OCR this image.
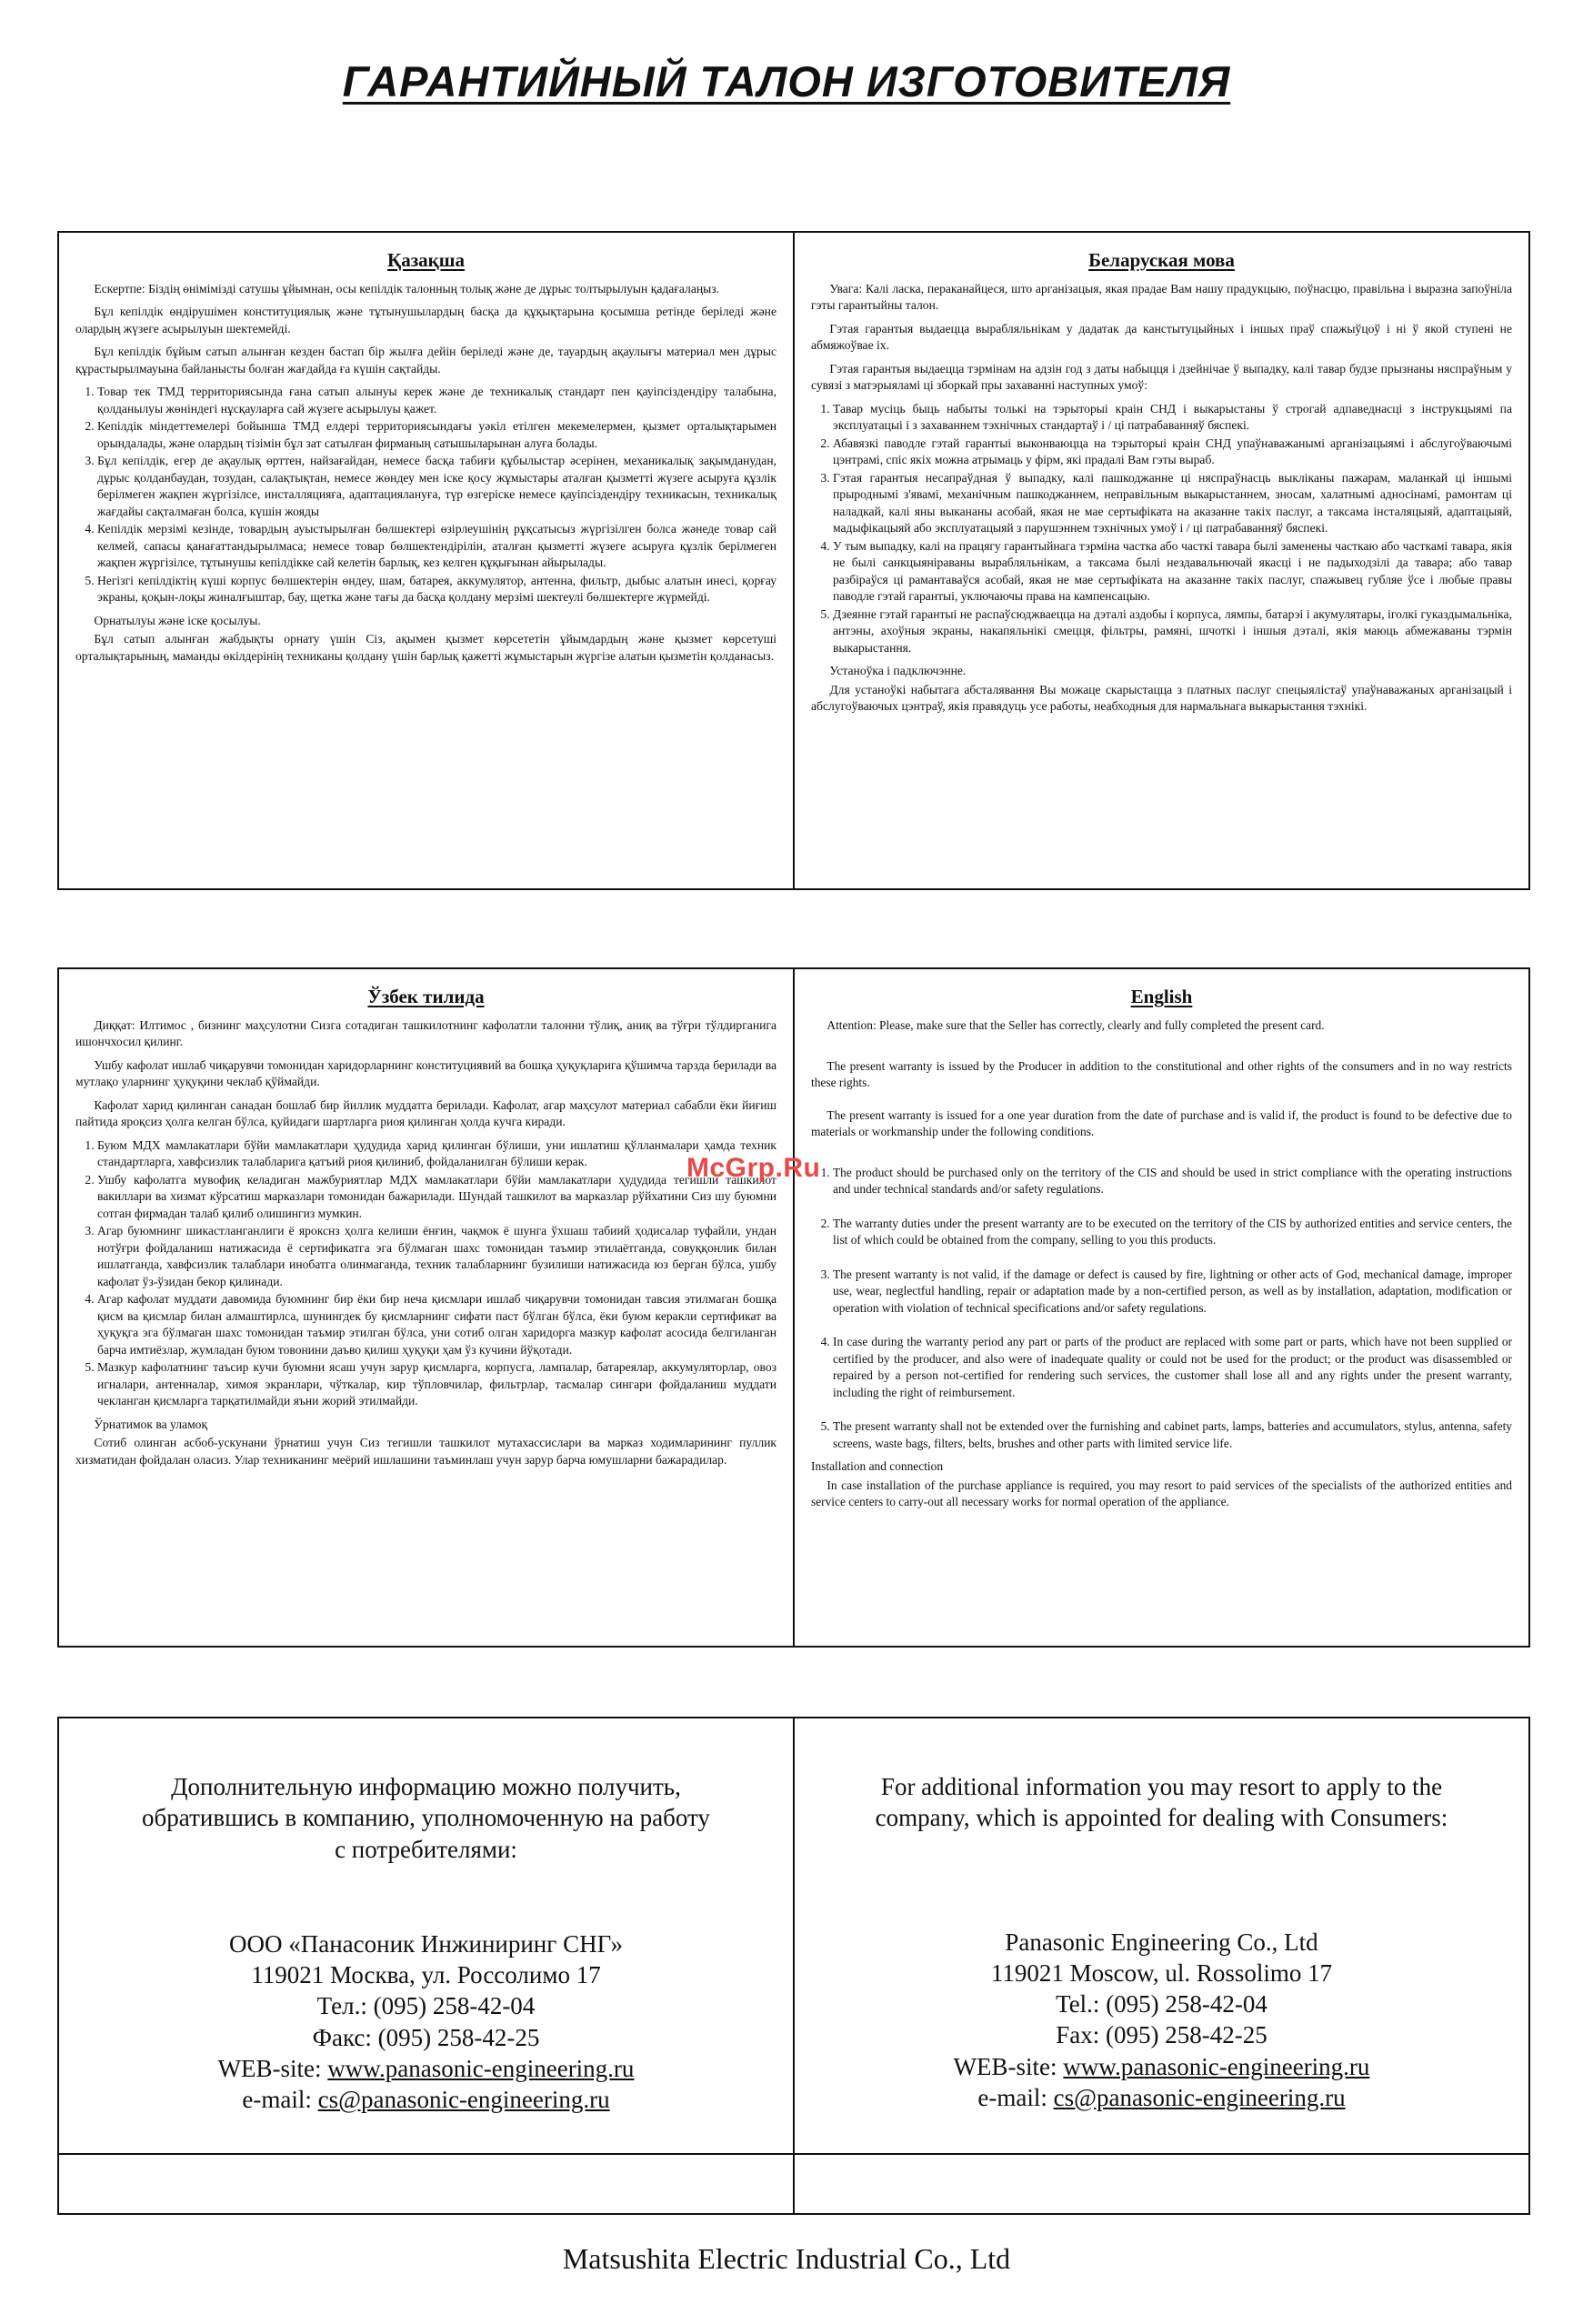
ГАРАНТИЙНЫЙ ТАЛОН ИЗГОТОВИТЕЛЯ
Қазақша

Ескертпе: Біздің өнімімізді сатушы ұйымнан, осы кепілдік талонның толық және де дұрыс толтырылуын қадағалаңыз.

Бұл кепілдік өндірушімен конституциялық және тұтынушылардың басқа да құқықтарына қосымша ретінде беріледі және олардың жүзеге асырылуын шектемейді.

Бұл кепілдік бұйым сатып алынған кезден бастап бір жылға дейін беріледі және де, тауардың ақаулығы материал мен дұрыс құрастырылмауына байланысты болған жағдайда ға күшін сақтайды.

1. Товар тек ТМД территориясында ғана сатып алынуы керек және де техникалық стандарт пен қауіпсіздендіру талабына, қолданылуы жөніндегі нұсқауларға сай жүзеге асырылуы қажет.
2. Кепілдік міндеттемелері бойынша ТМД елдері территориясындағы уәкіл етілген мекемелермен, қызмет орталықтарымен орындалады, және олардың тізімін бұл зат сатылған фирманың сатышыларынан алуға болады.
3. Бұл кепілдік, егер де ақаулық өрттен, найзағайдан, немесе басқа табиғи құбылыстар әсерінен, механикалық зақымданудан, дұрыс қолданбаудан, тозудан, салақтықтан, немесе жөндеу мен іске қосу жұмыстары аталған қызметті жүзеге асыруға құзлік берілмеген жақпен жүргізілсе, инсталляцияға, адаптациялануға, түр өзгеріске немесе қауіпсіздендіру техникасын, техникалық жағдайы сақталмаған болса, күшін жояды
4. Кепілдік мерзімі кезінде, товардың ауыстырылған бөлшектері өзірлеушінің рұқсатысыз жүргізілген болса жәнеде товар сай келмей, сапасы қанағаттандырылмаса; немесе товар бөлшектендірілін, аталған қызметті жүзеге асыруға құзлік берілмеген жақпен жүргізілсе, тұтынушы кепілдікке сай келетін барлық, кез келген құқығынан айырылады.
5. Негізгі кепілдіктің күші корпус бөлшектерін өндеу, шам, батарея, аккумулятор, антенна, фильтр, дыбыс алатын инесі, қорғау экраны, қоқын-лоқы жиналғыштар, бау, щетка және тағы да басқа қолдану мерзімі шектеулі бөлшектерге жүрмейді.

Орнатылуы және іске қосылуы.

Бұл сатып алынған жабдықты орнату үшін Сіз, ақымен қызмет көрсететін ұйымдардың және қызмет көрсетуші орталықтарының, маманды өкілдерінің техниканы қолдану үшін барлық қажетті жұмыстарын жүргізе алатын қызметін қолданасыз.

Беларуская мова

Увага: Калі ласка, пераканайцеся, што арганізацыя, якая прадае Вам нашу прадукцыю, поўнасцю, правільна і выразна запоўніла гэты гарантыйны талон.

Гэтая гарантыя выдаецца вырабляльнікам у дадатак да канстытуцыйных і іншых праў спажыўцоў і ні ў якой ступені не абмяжоўвае іх.

Гэтая гарантыя выдаецца тэрмінам на адзін год з даты набыцця і дзейнічае ў выпадку, калі тавар будзе прызнаны няспраўным у сувязі з матэрыяламі ці зборкай пры захаванні наступных умоў:

1. Тавар мусіць быць набыты толькі на тэрыторыі краін СНД і выкарыстаны ў строгай адпаведнасці з інструкцыямі па эксплуатацыі і з захаваннем тэхнічных стандартаў і / ці патрабаванняў бяспекі.
2. Абавязкі паводле гэтай гарантыі выконваюцца на тэрыторыі краін СНД упаўнаважанымі арганізацыямі і абслугоўваючымі цэнтрамі, спіс якіх можна атрымаць у фірм, які прадалі Вам гэты выраб.
3. Гэтая гарантыя несапраўдная ў выпадку, калі пашкоджанне ці няспраўнасць выкліканы пажарам, маланкай ці іншымі прыроднымі з'явамі, механічным пашкоджаннем, неправільным выкарыстаннем, зносам, халатнымі адносінамі, рамонтам ці наладкай, калі яны выкананы асобай, якая не мае сертыфіката на аказанне такіх паслуг, а таксама інсталяцыяй, адаптацыяй, мадыфікацыяй або эксплуатацыяй з парушэннем тэхнічных умоў і / ці патрабаванняў бяспекі.
4. У тым выпадку, калі на працягу гарантыйнага тэрміна частка або часткі тавара былі заменены часткаю або часткамі тавара, якія не былі санкцыяніраваны вырабляльнікам, а таксама былі нездавальнючай якасці і не падыходзілі да тавара; або тавар разбіраўся ці рамантаваўся асобай, якая не мае сертыфіката на аказанне такіх паслуг, спажывец губляе ўсе і любые правы паводле гэтай гарантыі, уключаючы права на кампенсацыю.
5. Дзеянне гэтай гарантыі не распаўсюджваецца на дэталі аздобы і корпуса, лямпы, батарэі і акумулятары, іголкі гуказдымальніка, антэны, ахоўныя экраны, накапяльнікі смецця, фільтры, рамяні, шчоткі і іншыя дэталі, якія маюць абмежаваны тэрмін выкарыстання.

Устаноўка і падключэнне.

Для устаноўкі набытага абсталявання Вы можаце скарыстацца з платных паслуг спецыялістаў упаўнаважаных арганізацый і абслугоўваючых цэнтраў, якія правядуць усе работы, неабходныя для нармальнага выкарыстання тэхнікі.

Ўзбек тилида

Диққат: Илтимос , бизнинг маҳсулотни Сизга сотадиган ташкилотнинг кафолатли талонни тўлиқ, аниқ ва тўғри тўлдирганига ишончхосил қилинг.

Ушбу кафолат ишлаб чиқарувчи томонидан харидорларнинг конституциявий ва бошқа ҳуқуқларига қўшимча тарзда берилади ва мутлақо уларнинг ҳуқуқини чеклаб қўймайди.

Кафолат харид қилинган санадан бошлаб бир йиллик муддатга берилади. Кафолат, агар маҳсулот материал сабабли ёки йиғиш пайтида яроқсиз ҳолга келган бўлса, қуйидаги шартларга риоя қилинган ҳолда кучга киради.

1. Буюм МДХ мамлакатлари бўйи мамлакатлари ҳудудида харид қилинган бўлиши, уни ишлатиш қўлланмалари ҳамда техник стандартларга, хавфсизлик талабларига қатъий риоя қилиниб, фойдаланилган бўлиши керак.
2. Ушбу кафолатга мувофиқ келадиган мажбуриятлар МДХ мамлакатлари бўйи мамлакатлари ҳудудида тегишли ташкилот вакиллари ва хизмат кўрсатиш марказлари томонидан бажарилади. Шундай ташкилот ва марказлар рўйхатини Сиз шу буюмни сотган фирмадан талаб қилиб олишингиз мумкин.
3. Агар буюмнинг шикастланганлиги ё ярокснз ҳолга келиши ёнғин, чақмок ё шунга ўхшаш табиий ҳодисалар туфайли, ундан нотўғри фойдаланиш натижасида ё сертификатга эга бўлмаган шахс томонидан таъмир этилаётганда, совуққонлик билан ишлатганда, хавфсизлик талаблари инобатга олинмаганда, техник талабларнинг бузилиши натижасида юз берган бўлса, ушбу кафолат ўз-ўзидан бекор қилинади.
4. Агар кафолат муддати давомида буюмнинг бир ёки бир неча қисмлари ишлаб чиқарувчи томонидан тавсия этилмаган бошқа қисм ва қисмлар билан алмаштирлса, шунингдек бу қисмларнинг сифати паст бўлган бўлса, ёки буюм керакли сертификат ва ҳуқуқга эга бўлмаган шахс томонидан таъмир этилган бўлса, уни сотиб олган харидорга мазкур кафолат асосида белгиланган барча имтиёзлар, жумладан буюм товонини даъво қилиш ҳуқуқи ҳам ўз кучини йўқотади.
5. Мазкур кафолатнинг таъсир кучи буюмни ясаш учун зарур қисмларга, корпусга, лампалар, батареялар, аккумуляторлар, овоз игналари, антенналар, химоя экранлари, чўткалар, кир тўпловчилар, фильтрлар, тасмалар сингари фойдаланиш муддати чекланган қисмларга тарқатилмайди яъни жорий этилмайди.

Ўрнатимок ва уламоқ

Сотиб олинган асбоб-ускунани ўрнатиш учун Сиз тегишли ташкилот мутахассислари ва марказ ходимларининг пуллик хизматидан фойдалан оласиз. Улар техниканинг меёрий ишлашини таъминлаш учун зарур барча юмушларни бажарадилар.

English

Attention: Please, make sure that the Seller has correctly, clearly and fully completed the present card.

The present warranty is issued by the Producer in addition to the constitutional and other rights of the consumers and in no way restricts these rights.

The present warranty is issued for a one year duration from the date of purchase and is valid if, the product is found to be defective due to materials or workmanship under the following conditions.

1. The product should be purchased only on the territory of the CIS and should be used in strict compliance with the operating instructions and under technical standards and/or safety regulations.
2. The warranty duties under the present warranty are to be executed on the territory of the CIS by authorized entities and service centers, the list of which could be obtained from the company, selling to you this products.
3. The present warranty is not valid, if the damage or defect is caused by fire, lightning or other acts of God, mechanical damage, improper use, wear, neglectful handling, repair or adaptation made by a non-certified person, as well as by installation, adaptation, modification or operation with violation of technical specifications and/or safety regulations.
4. In case during the warranty period any part or parts of the product are replaced with some part or parts, which have not been supplied or certified by the producer, and also were of inadequate quality or could not be used for the product; or the product was disassembled or repaired by a person not-certified for rendering such services, the customer shall lose all and any rights under the present warranty, including the right of reimbursement.
5. The present warranty shall not be extended over the furnishing and cabinet parts, lamps, batteries and accumulators, stylus, antenna, safety screens, waste bags, filters, belts, brushes and other parts with limited service life.

Installation and connection

In case installation of the purchase appliance is required, you may resort to paid services of the specialists of the authorized entities and service centers to carry-out all necessary works for normal operation of the appliance.

McGrp.Ru
Дополнительную информацию можно получить,
обратившись в компанию, уполномоченную на работу
с потребителями:

ООО «Панасоник Инжиниринг СНГ»

119021 Москва, ул. Россолимо 17

Тел.: (095) 258-42-04

Факс: (095) 258-42-25

WEB-site: www.panasonic-engineering.ru

e-mail: cs@panasonic-engineering.ru

For additional information you may resort to apply to the
company, which is appointed for dealing with Consumers:

Panasonic Engineering Co., Ltd

119021 Moscow, ul. Rossolimo 17

Tel.: (095) 258-42-04

Fax: (095) 258-42-25

WEB-site: www.panasonic-engineering.ru

e-mail: cs@panasonic-engineering.ru

Matsushita Electric Industrial Co., Ltd
